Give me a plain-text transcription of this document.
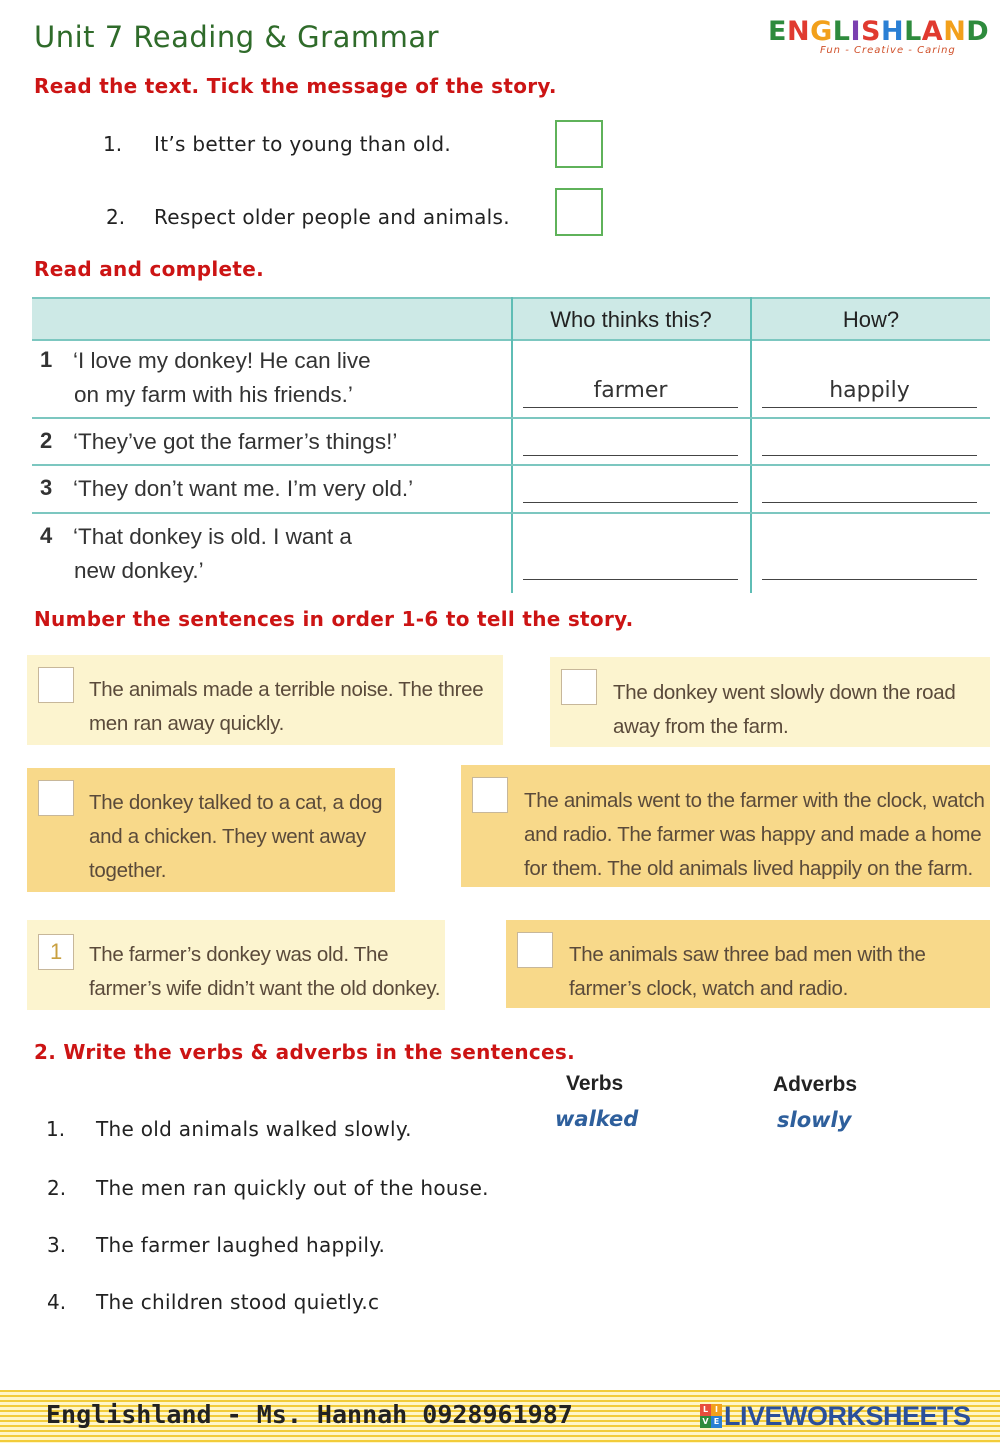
Unit 7 Reading & Grammar	ENGLISHLAND
Fun - Creative - Caring
Read the text. Tick the message of the story.
1. It’s better to young than old.
2. Respect older people and animals.
Read and complete.
Who thinks this?	How?
1 ‘I love my donkey! He can live
on my farm with his friends.’	farmer	happily
2 ‘They’ve got the farmer’s things!’
3 ‘They don’t want me. I’m very old.’
4 ‘That donkey is old. I want a
new donkey.’
Number the sentences in order 1-6 to tell the story.
The animals made a terrible noise. The three
men ran away quickly.
The donkey went slowly down the road
away from the farm.
The donkey talked to a cat, a dog
and a chicken. They went away
together.
The animals went to the farmer with the clock, watch
and radio. The farmer was happy and made a home
for them. The old animals lived happily on the farm.
1	The farmer’s donkey was old. The
farmer’s wife didn’t want the old donkey.
The animals saw three bad men with the
farmer’s clock, watch and radio.
2. Write the verbs & adverbs in the sentences.
Verbs	Adverbs
1. The old animals walked slowly.	walked	slowly
2. The men ran quickly out of the house.
3. The farmer laughed happily.
4. The children stood quietly.c
Englishland - Ms. Hannah 0928961987	L I
V E LIVEWORKSHEETS
